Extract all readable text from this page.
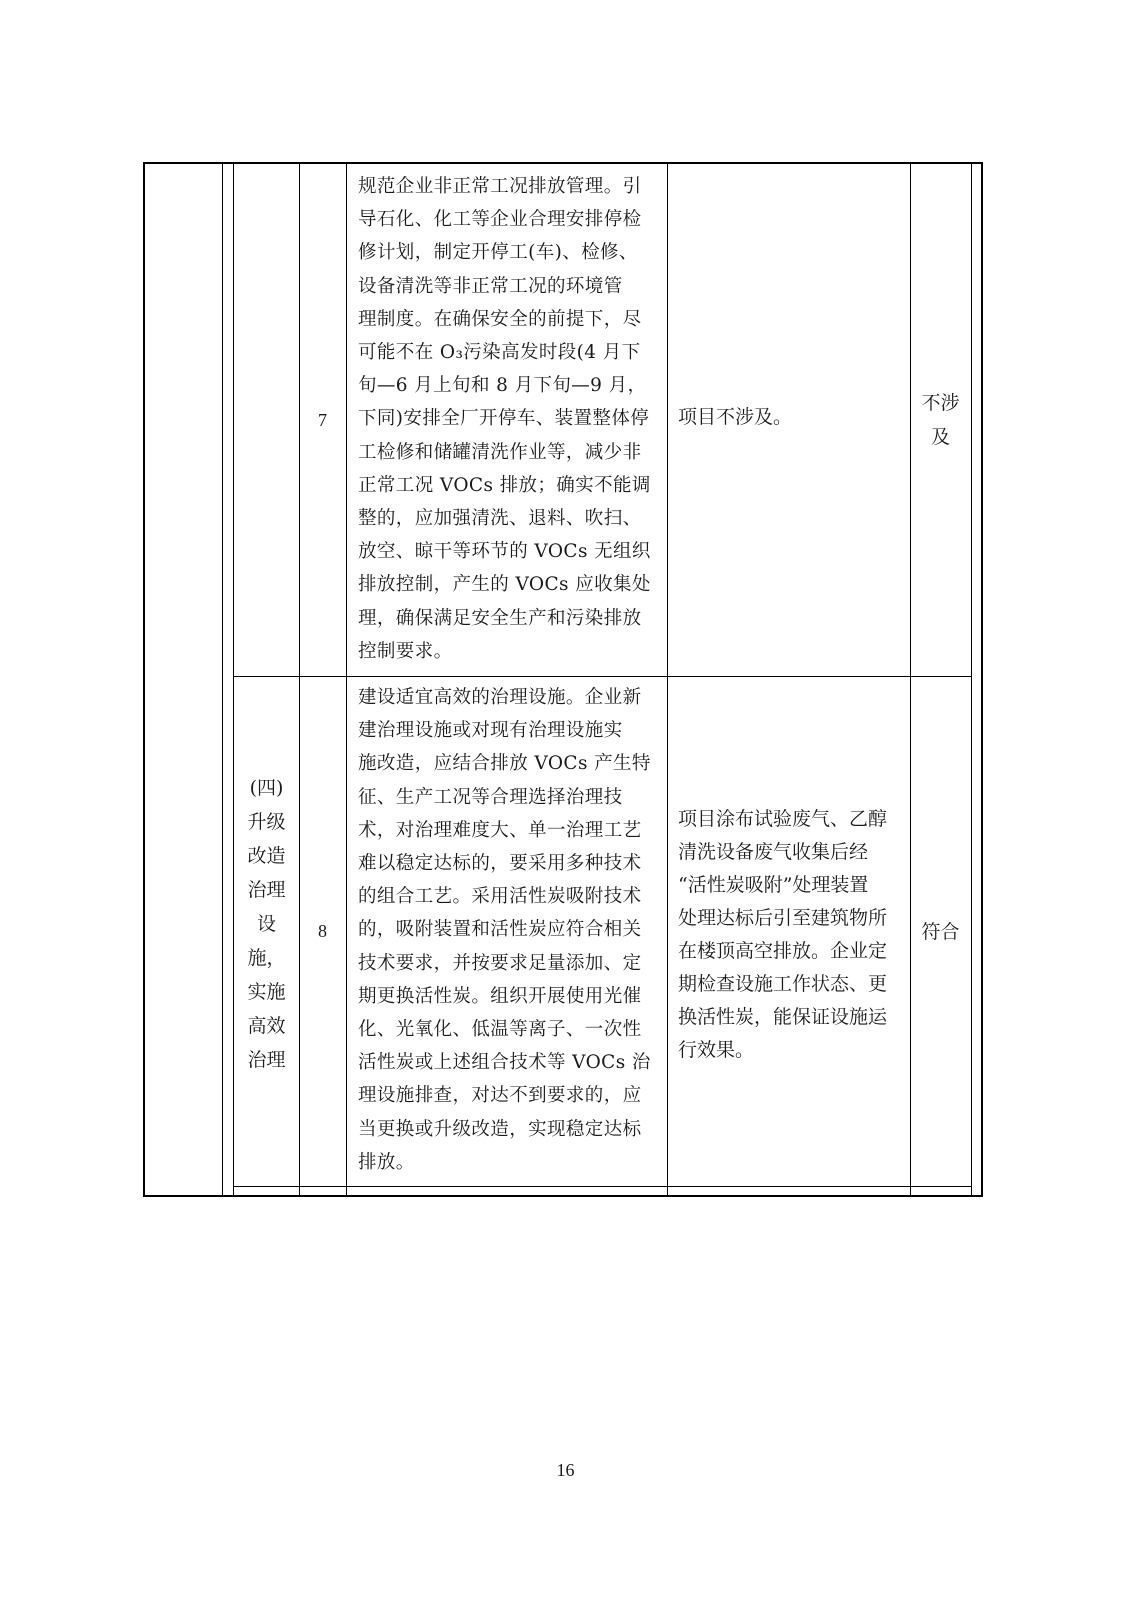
7

规范企业非正常工况排放管理。引

导石化、化工等企业合理安排停检

修计划，制定开停工(车)、检修、

设备清洗等非正常工况的环境管

理制度。在确保安全的前提下，尽

可能不在 O₃污染高发时段(4 月下

旬—6 月上旬和 8 月下旬—9 月，

下同)安排全厂开停车、装置整体停

工检修和储罐清洗作业等，减少非

正常工况 VOCs 排放；确实不能调

整的，应加强清洗、退料、吹扫、

放空、晾干等环节的 VOCs 无组织

排放控制，产生的 VOCs 应收集处

理，确保满足安全生产和污染排放

控制要求。

项目不涉及。
不涉
及
(四)
升级
改造
治理
设
施，
实施
高效
治理
8

建设适宜高效的治理设施。企业新

建治理设施或对现有治理设施实

施改造，应结合排放 VOCs 产生特

征、生产工况等合理选择治理技

术，对治理难度大、单一治理工艺

难以稳定达标的，要采用多种技术

的组合工艺。采用活性炭吸附技术

的，吸附装置和活性炭应符合相关

技术要求，并按要求足量添加、定

期更换活性炭。组织开展使用光催

化、光氧化、低温等离子、一次性

活性炭或上述组合技术等 VOCs 治

理设施排查，对达不到要求的，应

当更换或升级改造，实现稳定达标

排放。

项目涂布试验废气、乙醇
清洗设备废气收集后经
“活性炭吸附”处理装置
处理达标后引至建筑物所
在楼顶高空排放。企业定
期检查设施工作状态、更
换活性炭，能保证设施运
行效果。
符合
16
